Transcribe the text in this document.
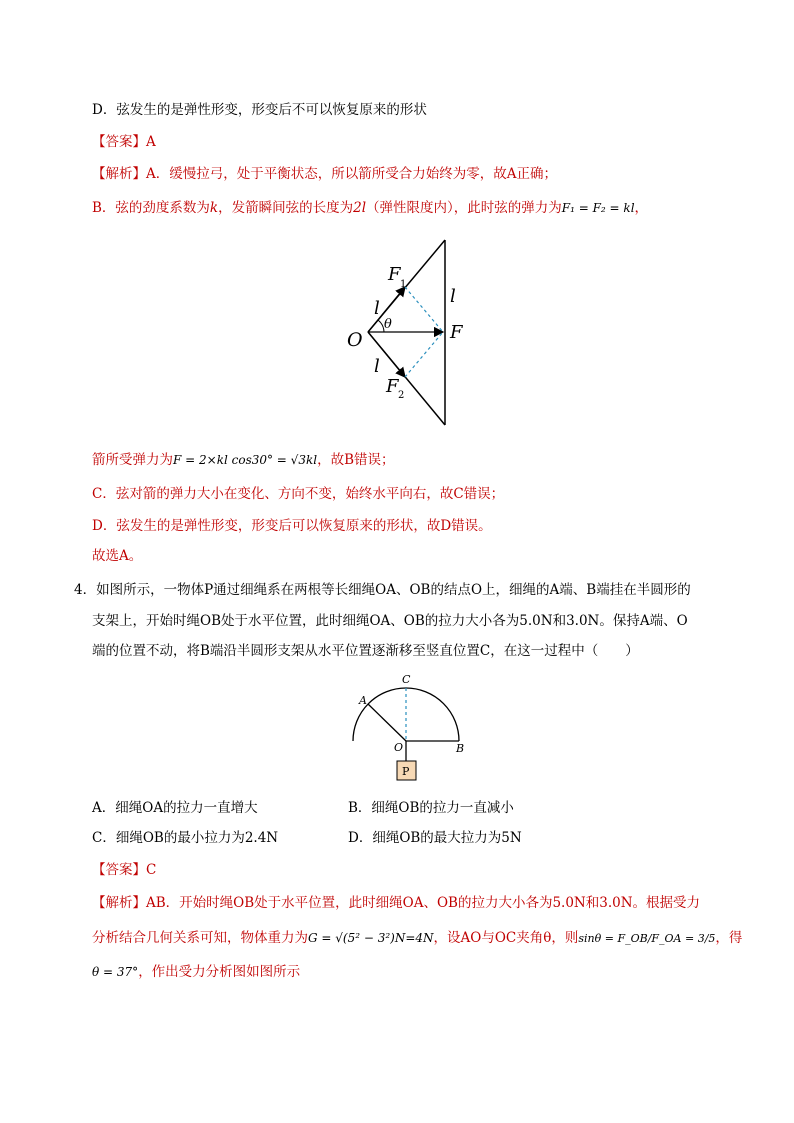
D．弦发生的是弹性形变，形变后不可以恢复原来的形状
【答案】A
【解析】A．缓慢拉弓，处于平衡状态，所以箭所受合力始终为零，故A正确；
B．弦的劲度系数为k，发箭瞬间弦的长度为2l（弹性限度内），此时弦的弹力为F₁ = F₂ = kl，
F 1
F 2
O	F
θ
l
l
l
箭所受弹力为F = 2×kl cos30° = √3kl，故B错误；
C．弦对箭的弹力大小在变化、方向不变，始终水平向右，故C错误；
D．弦发生的是弹性形变，形变后可以恢复原来的形状，故D错误。
故选A。
4．如图所示，一物体P通过细绳系在两根等长细绳OA、OB的结点O上，细绳的A端、B端挂在半圆形的
支架上，开始时绳OB处于水平位置，此时细绳OA、OB的拉力大小各为5.0N和3.0N。保持A端、O
端的位置不动，将B端沿半圆形支架从水平位置逐渐移至竖直位置C，在这一过程中（　　）
P
A
C
O	B
A．细绳OA的拉力一直增大	B．细绳OB的拉力一直减小
C．细绳OB的最小拉力为2.4N	D．细绳OB的最大拉力为5N
【答案】C
【解析】AB．开始时绳OB处于水平位置，此时细绳OA、OB的拉力大小各为5.0N和3.0N。根据受力
分析结合几何关系可知，物体重力为G = √(5² − 3²)N=4N，设AO与OC夹角θ，则sinθ = F_OB/F_OA = 3/5，得
θ = 37°，作出受力分析图如图所示
